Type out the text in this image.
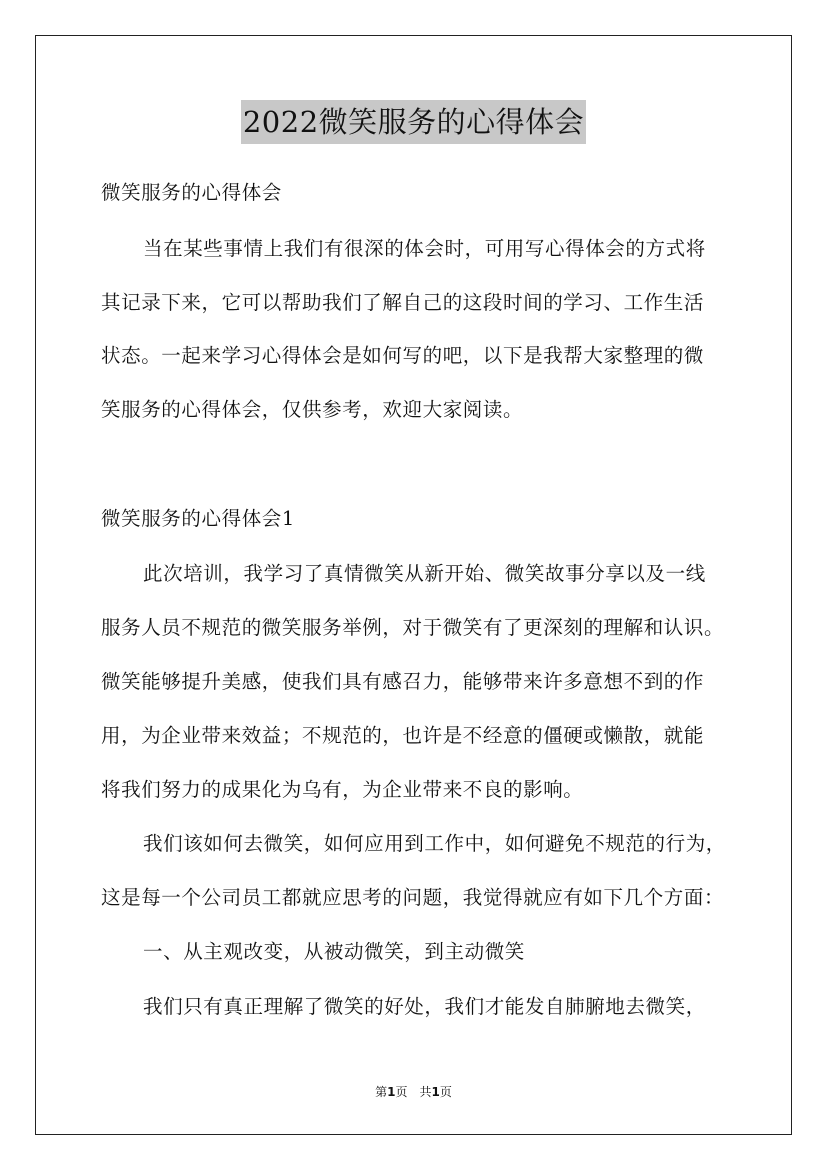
2022微笑服务的心得体会
微笑服务的心得体会
当在某些事情上我们有很深的体会时，可用写心得体会的方式将
其记录下来，它可以帮助我们了解自己的这段时间的学习、工作生活
状态。一起来学习心得体会是如何写的吧，以下是我帮大家整理的微
笑服务的心得体会，仅供参考，欢迎大家阅读。
微笑服务的心得体会1
此次培训，我学习了真情微笑从新开始、微笑故事分享以及一线
服务人员不规范的微笑服务举例，对于微笑有了更深刻的理解和认识。
微笑能够提升美感，使我们具有感召力，能够带来许多意想不到的作
用，为企业带来效益；不规范的，也许是不经意的僵硬或懒散，就能
将我们努力的成果化为乌有，为企业带来不良的影响。
我们该如何去微笑，如何应用到工作中，如何避免不规范的行为，
这是每一个公司员工都就应思考的问题，我觉得就应有如下几个方面：
一、从主观改变，从被动微笑，到主动微笑
我们只有真正理解了微笑的好处，我们才能发自肺腑地去微笑，
第1页　共1页
